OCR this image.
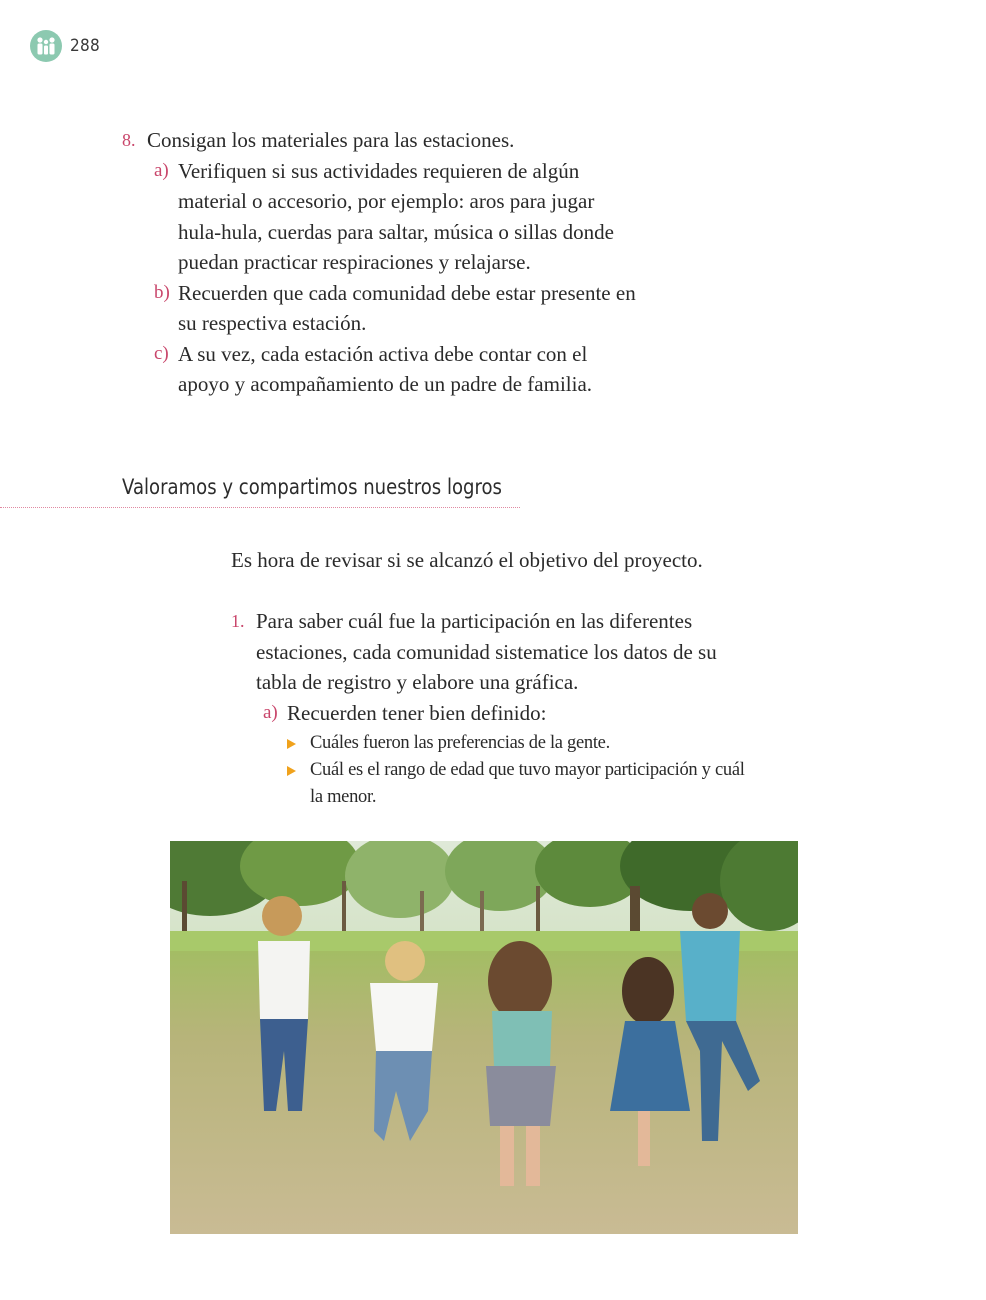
288
8. Consigan los materiales para las estaciones.
a) Verifiquen si sus actividades requieren de algún material o accesorio, por ejemplo: aros para jugar hula-hula, cuerdas para saltar, música o sillas donde puedan practicar respiraciones y relajarse.
b) Recuerden que cada comunidad debe estar presente en su respectiva estación.
c) A su vez, cada estación activa debe contar con el apoyo y acompañamiento de un padre de familia.
Valoramos y compartimos nuestros logros
Es hora de revisar si se alcanzó el objetivo del proyecto.
1. Para saber cuál fue la participación en las diferentes estaciones, cada comunidad sistematice los datos de su tabla de registro y elabore una gráfica.
a) Recuerden tener bien definido:
Cuáles fueron las preferencias de la gente.
Cuál es el rango de edad que tuvo mayor participación y cuál la menor.
